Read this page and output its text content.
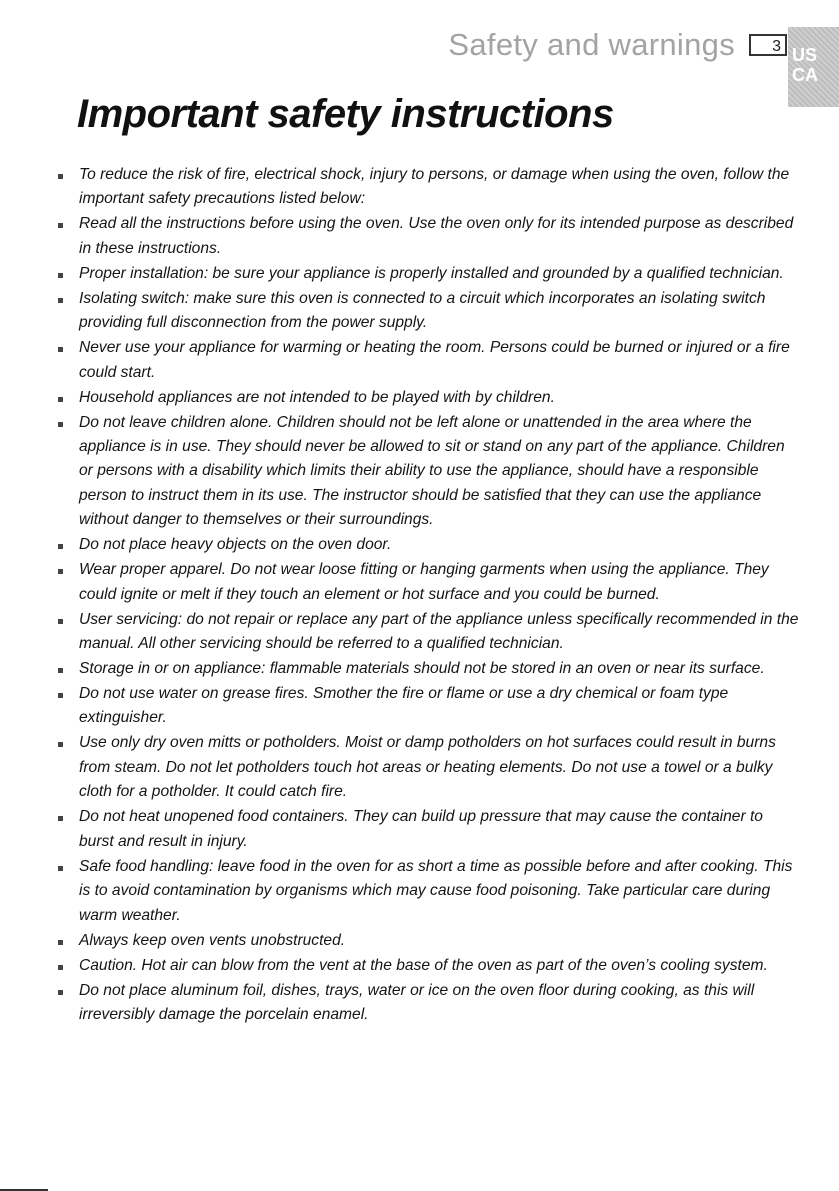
Safety and warnings	3 US
CA
Important safety instructions
To reduce the risk of fire, electrical shock, injury to persons, or damage when using the oven, follow the important safety precautions listed below:
Read all the instructions before using the oven. Use the oven only for its intended purpose as described in these instructions.
Proper installation: be sure your appliance is properly installed and grounded by a qualified technician.
Isolating switch: make sure this oven is connected to a circuit which incorporates an isolating switch providing full disconnection from the power supply.
Never use your appliance for warming or heating the room. Persons could be burned or injured or a fire could start.
Household appliances are not intended to be played with by children.
Do not leave children alone. Children should not be left alone or unattended in the area where the appliance is in use. They should never be allowed to sit or stand on any part of the appliance. Children or persons with a disability which limits their ability to use the appliance, should have a responsible person to instruct them in its use. The instructor should be satisfied that they can use the appliance without danger to themselves or their surroundings.
Do not place heavy objects on the oven door.
Wear proper apparel. Do not wear loose fitting or hanging garments when using the appliance. They could ignite or melt if they touch an element or hot surface and you could be burned.
User servicing: do not repair or replace any part of the appliance unless specifically recommended in the manual. All other servicing should be referred to a qualified technician.
Storage in or on appliance: flammable materials should not be stored in an oven or near its surface.
Do not use water on grease fires. Smother the fire or flame or use a dry chemical or foam type extinguisher.
Use only dry oven mitts or potholders. Moist or damp potholders on hot surfaces could result in burns from steam. Do not let potholders touch hot areas or heating elements. Do not use a towel or a bulky cloth for a potholder. It could catch fire.
Do not heat unopened food containers. They can build up pressure that may cause the container to burst and result in injury.
Safe food handling: leave food in the oven for as short a time as possible before and after cooking. This is to avoid contamination by organisms which may cause food poisoning. Take particular care during warm weather.
Always keep oven vents unobstructed.
Caution. Hot air can blow from the vent at the base of the oven as part of the oven’s cooling system.
Do not place aluminum foil, dishes, trays, water or ice on the oven floor during cooking, as this will irreversibly damage the porcelain enamel.
